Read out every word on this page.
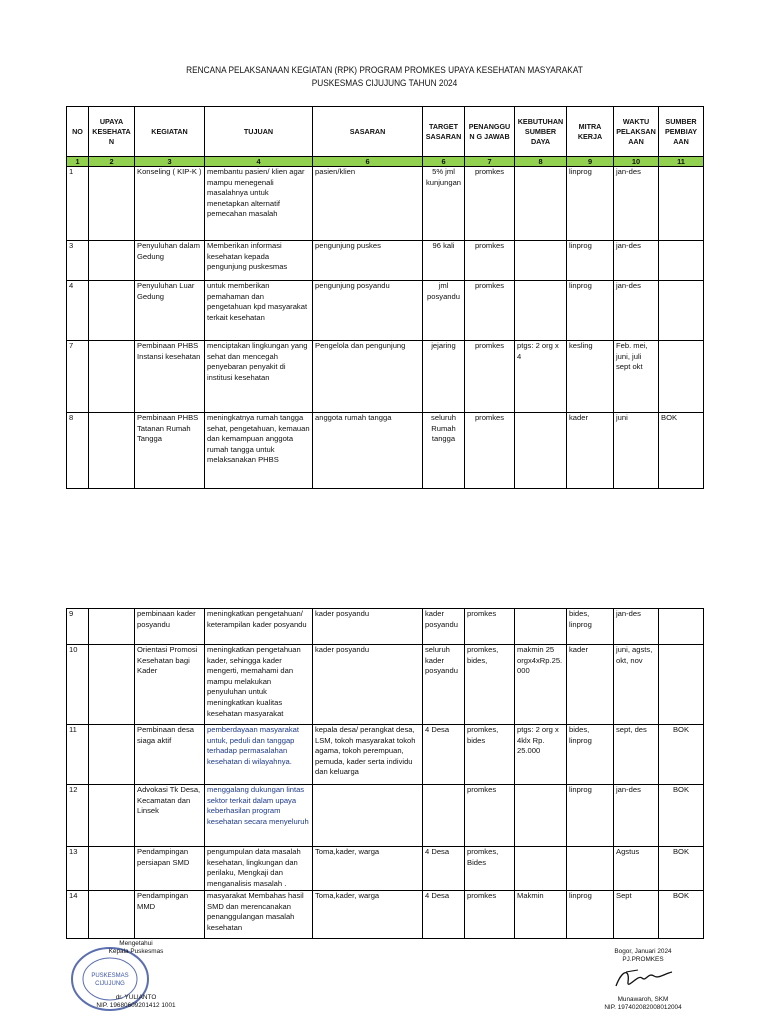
RENCANA PELAKSANAAN KEGIATAN (RPK) PROGRAM PROMKES UPAYA KESEHATAN MASYARAKAT
PUSKESMAS CIJUJUNG TAHUN 2024
NO	UPAYA KESEHATAN	KEGIATAN	TUJUAN	SASARAN	TARGET SASARAN	PENANGGUN G JAWAB	KEBUTUHAN SUMBER DAYA	MITRA KERJA	WAKTU PELAKSAN AAN	SUMBER PEMBIAY AAN
1	2	3	4	6	6	7	8	9	10	11
1		Konseling ( KIP-K )	membantu pasien/ klien agar mampu menegenali masalahnya untuk menetapkan alternatif pemecahan masalah	pasien/klien	5% jml kunjungan	promkes		linprog	jan-des	
3		Penyuluhan dalam Gedung	Memberikan informasi kesehatan kepada pengunjung puskesmas	pengunjung puskes	96 kali	promkes		linprog	jan-des	
4		Penyuluhan Luar Gedung	untuk memberikan pemahaman dan pengetahuan kpd masyarakat terkait kesehatan	pengunjung posyandu	jml posyandu	promkes		linprog	jan-des	
7		Pembinaan PHBS Instansi kesehatan	menciptakan lingkungan yang sehat dan mencegah penyebaran penyakit di institusi kesehatan	Pengelola dan pengunjung	jejaring	promkes	ptgs: 2 org x 4	kesling	Feb. mei, juni, juli sept okt	
8		Pembinaan PHBS Tatanan Rumah Tangga	meningkatnya rumah tangga sehat, pengetahuan, kemauan dan kemampuan anggota rumah tangga untuk melaksanakan PHBS	anggota rumah tangga	seluruh Rumah tangga	promkes		kader	juni	BOK
9		pembinaan kader posyandu	meningkatkan pengetahuan/ keterampilan kader posyandu	kader posyandu	kader posyandu	promkes		bides, linprog	jan-des	
10		Orientasi Promosi Kesehatan bagi Kader	meningkatkan pengetahuan kader, sehingga kader mengerti, memahami dan mampu melakukan penyuluhan untuk meningkatkan kualitas kesehatan masyarakat	kader posyandu	seluruh kader posyandu	promkes, bides,	makmin 25 orgx4xRp.25.000	kader	juni, agsts, okt, nov	
11		Pembinaan desa siaga aktif	pemberdayaan masyarakat untuk, peduli dan tanggap terhadap permasalahan kesehatan di wilayahnya.	kepala desa/ perangkat desa, LSM, tokoh masyarakat tokoh agama, tokoh perempuan, pemuda, kader serta individu dan keluarga	4 Desa	promkes, bides	ptgs: 2 org x 4klx Rp. 25.000	bides, linprog	sept, des	BOK
12		Advokasi Tk Desa, Kecamatan dan Linsek	menggalang dukungan lintas sektor terkait dalam upaya keberhasilan program kesehatan secara menyeluruh			promkes		linprog	jan-des	BOK
13		Pendampingan persiapan SMD	pengumpulan data masalah kesehatan, lingkungan dan perilaku, Mengkaji dan menganalisis masalah .	Toma,kader, warga	4 Desa	promkes, Bides			Agstus	BOK
14		Pendampingan MMD	masyarakat Membahas hasil SMD dan merencanakan penanggulangan masalah kesehatan	Toma,kader, warga	4 Desa	promkes	Makmin	linprog	Sept	BOK
PUSKESMAS
CIJUJUNG
Mengetahui
Kepala Puskesmas
dr. YULIANTO
NIP. 19680609201412 1001
Bogor, Januari 2024
PJ.PROMKES
Munawaroh, SKM
NIP. 197402082008012004
